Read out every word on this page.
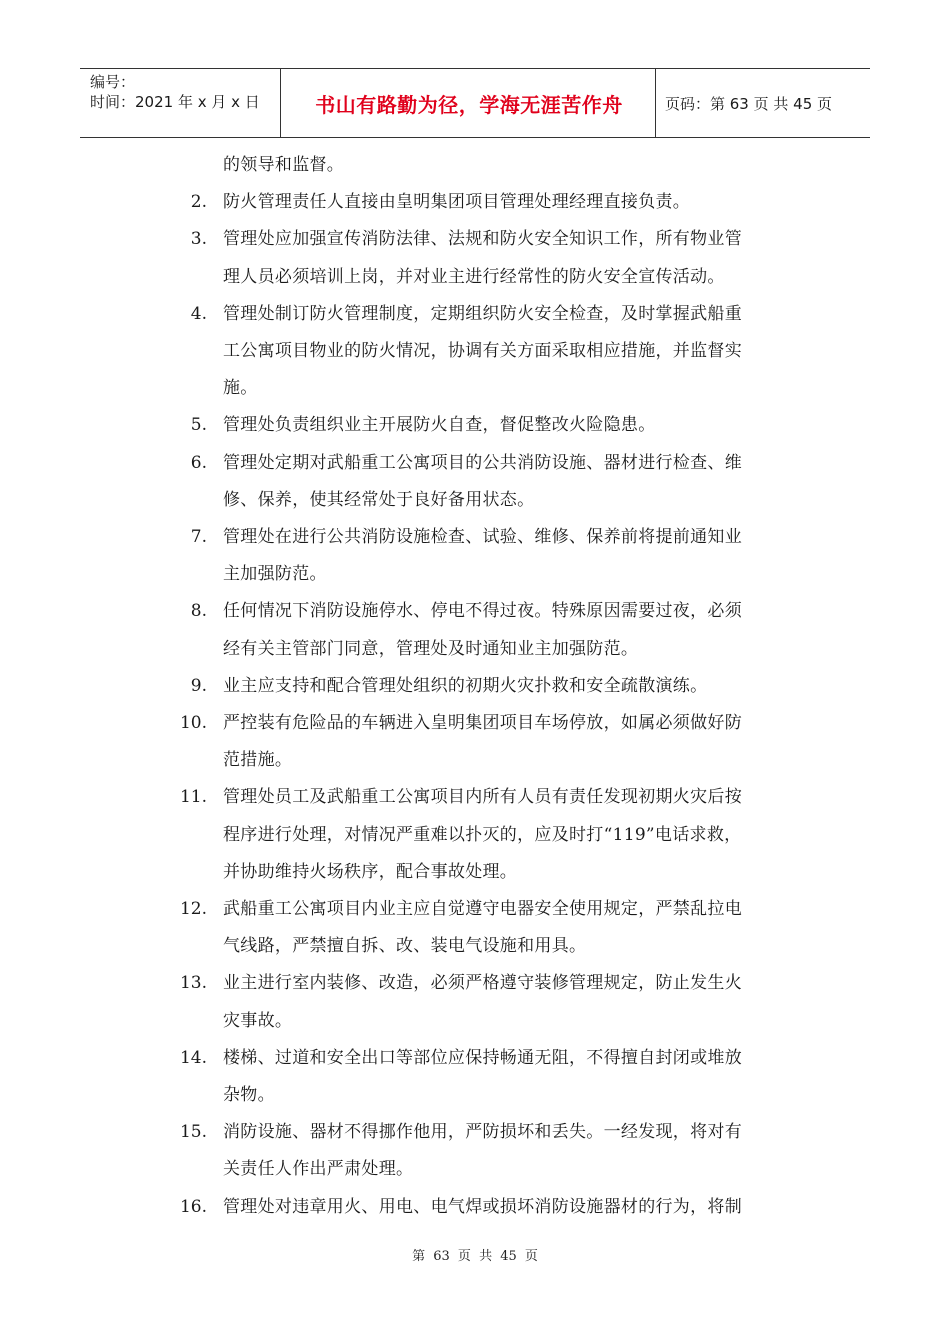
编号：
时间：2021 年 x 月 x 日	书山有路勤为径，学海无涯苦作舟	页码：第 63 页 共 45 页
的领导和监督。
2. 防火管理责任人直接由皇明集团项目管理处理经理直接负责。
3. 管理处应加强宣传消防法律、法规和防火安全知识工作，所有物业管
理人员必须培训上岗，并对业主进行经常性的防火安全宣传活动。
4. 管理处制订防火管理制度，定期组织防火安全检查，及时掌握武船重
工公寓项目物业的防火情况，协调有关方面采取相应措施，并监督实
施。
5. 管理处负责组织业主开展防火自查，督促整改火险隐患。
6. 管理处定期对武船重工公寓项目的公共消防设施、器材进行检查、维
修、保养，使其经常处于良好备用状态。
7. 管理处在进行公共消防设施检查、试验、维修、保养前将提前通知业
主加强防范。
8. 任何情况下消防设施停水、停电不得过夜。特殊原因需要过夜，必须
经有关主管部门同意，管理处及时通知业主加强防范。
9. 业主应支持和配合管理处组织的初期火灾扑救和安全疏散演练。
10. 严控装有危险品的车辆进入皇明集团项目车场停放，如属必须做好防
范措施。
11. 管理处员工及武船重工公寓项目内所有人员有责任发现初期火灾后按
程序进行处理，对情况严重难以扑灭的，应及时打“119”电话求救，
并协助维持火场秩序，配合事故处理。
12. 武船重工公寓项目内业主应自觉遵守电器安全使用规定，严禁乱拉电
气线路，严禁擅自拆、改、装电气设施和用具。
13. 业主进行室内装修、改造，必须严格遵守装修管理规定，防止发生火
灾事故。
14. 楼梯、过道和安全出口等部位应保持畅通无阻，不得擅自封闭或堆放
杂物。
15. 消防设施、器材不得挪作他用，严防损坏和丢失。一经发现，将对有
关责任人作出严肃处理。
16. 管理处对违章用火、用电、电气焊或损坏消防设施器材的行为，将制
第 63 页 共 45 页
